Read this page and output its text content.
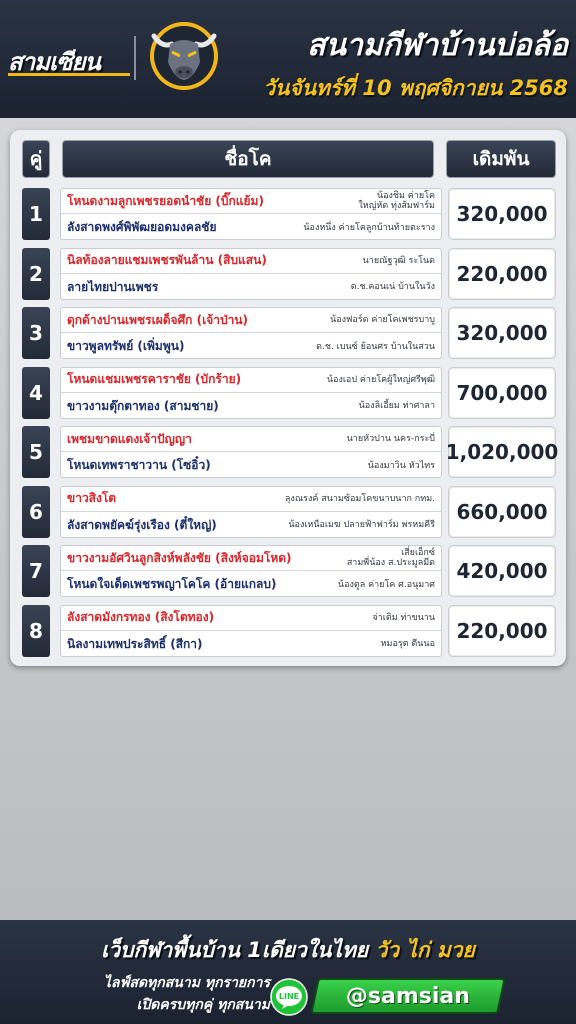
สามเซียน	สนามกีฬาบ้านบ่อล้อ
วันจันทร์ที่ 10 พฤศจิกายน 2568
คู่	ชื่อโค	เดิมพัน
1
โหนดงามลูกเพชรยอดนำชัย (บิ๊กแย้ม)	น้องชิม ค่ายโค
ใหญ่หัด ทุ่งส้มฟาร์ม
ลังสาดพงศ์พิพัฒยอดมงคลชัย	น้องหนึ่ง ค่ายโคลูกบ้านท้ายตะราง
320,000
2
นิลท้องลายแชมเพชรพันล้าน (สิบแสน)	นายณัฐวุฒิ ระโนด
ลายไทยปานเพชร	ด.ช.คอนเน่ บ้านในวัง
220,000
3
ดุกด้างปานเพชรเผด็จศึก (เจ้าป่าน)	น้องฟอร์ด ค่ายโคเพชรบาบู
ขาวพูลทรัพย์ (เพิ่มพูน)	ด.ช. เบนซ์ ย้อนศร บ้านในสวน
320,000
4
โหนดแชมเพชรคาราชัย (บักร้าย)	น้องเอป ค่ายโคผู้ใหญ่ศรีพุฒิ
ขาวงามตุ๊กตาทอง (สามชาย)	น้องลิเอี้ยม ท่าศาลา
700,000
5
เพชมขาดแดงเจ้าปัญญา	นายหัวปาน นคร-กระบี่
โหนดเทพราชาวาน (โซอิ๋ว)	น้องมาวิน หัวไทร
1,020,000
6
ขาวสิงโต	ลุงณรงค์ สนามซ้อมโคขนาบนาก กทม.
ลังสาดพยัคฆ์รุ่งเรือง (ตี๋ใหญ่)	น้องเหนือเมฆ ปลายฟ้าฟาร์ม พรหมคีรี
660,000
7
ขาวงามอัศวินลูกสิงห์พลังชัย (สิงห์จอมโหด)	เสี่ยเอ็กซ์
สามพี่น้อง ส.ประมูลมีด
โหนดใจเด็ดเพชรพญาโคโค (อ้ายแกลบ)	น้องตูล ค่ายโค ศ.อนุมาศ
420,000
8
ลังสาดมังกรทอง (สิงโตทอง)	จ่าเติม ท่าขนาน
นิลงามเทพประสิทธิ์ (สีกา)	หมอรุต ตีนนอ
220,000
เว็บกีฬาพื้นบ้าน 1เดียวในไทย วัว ไก่ มวย
ไลฟ์สดทุกสนาม ทุกรายการ
เปิดครบทุกคู่ ทุกสนาม
LINE @samsian
